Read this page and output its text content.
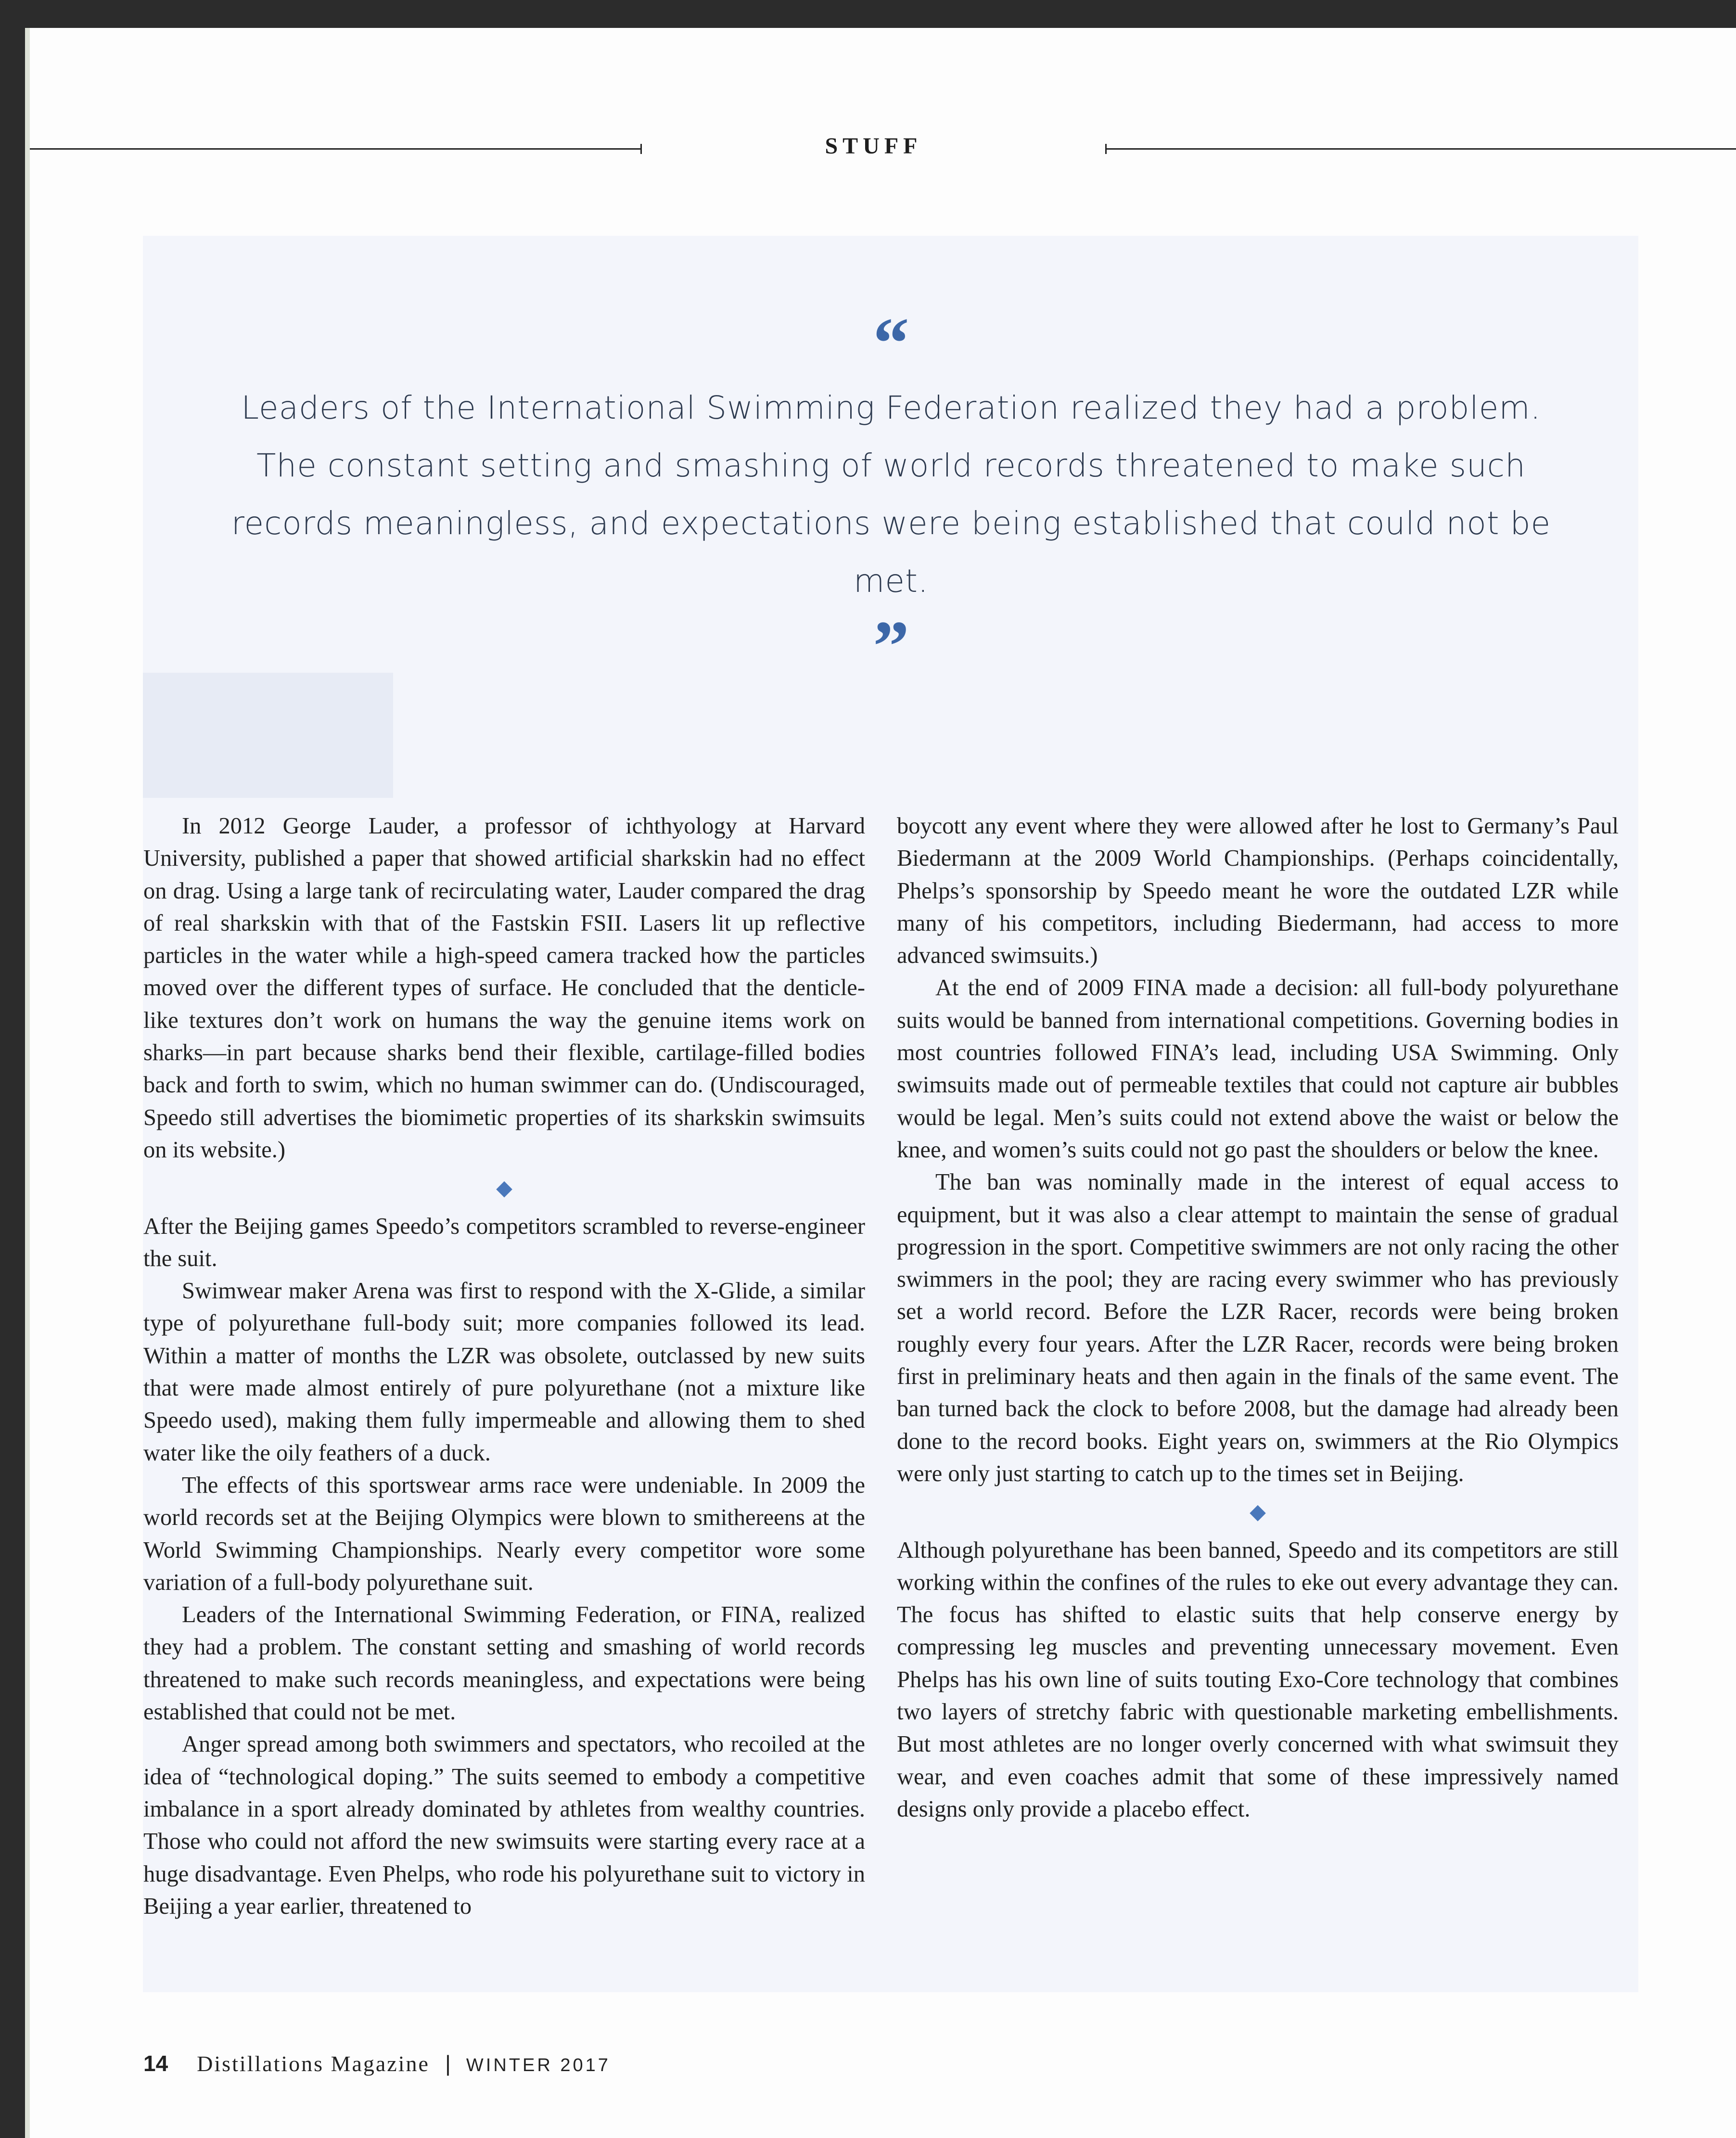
STUFF
“
Leaders of the International Swimming Federation realized they had a problem. The constant setting and smashing of world records threatened to make such records meaningless, and expectations were being established that could not be met.
”

In 2012 George Lauder, a professor of ichthyology at Harvard University, published a paper that showed artificial sharkskin had no effect on drag. Using a large tank of recirculating water, Lauder compared the drag of real sharkskin with that of the Fastskin FSII. Lasers lit up reflective particles in the water while a high-speed camera tracked how the particles moved over the different types of surface. He concluded that the denticle-like textures don’t work on humans the way the genuine items work on sharks—in part because sharks bend their flexible, cartilage-filled bodies back and forth to swim, which no human swimmer can do. (Undiscouraged, Speedo still advertises the biomimetic properties of its sharkskin swimsuits on its website.)

◆

After the Beijing games Speedo’s competitors scrambled to reverse-engineer the suit.

Swimwear maker Arena was first to respond with the X-Glide, a similar type of polyurethane full-body suit; more companies followed its lead. Within a matter of months the LZR was obsolete, outclassed by new suits that were made almost entirely of pure polyurethane (not a mixture like Speedo used), making them fully impermeable and allowing them to shed water like the oily feathers of a duck.

The effects of this sportswear arms race were undeniable. In 2009 the world records set at the Beijing Olympics were blown to smithereens at the World Swimming Championships. Nearly every competitor wore some variation of a full-body polyurethane suit.

Leaders of the International Swimming Federation, or FINA, realized they had a problem. The constant setting and smashing of world records threatened to make such records meaningless, and expectations were being established that could not be met.

Anger spread among both swimmers and spectators, who recoiled at the idea of “technological doping.” The suits seemed to embody a competitive imbalance in a sport already dominated by athletes from wealthy countries. Those who could not afford the new swimsuits were starting every race at a huge disadvantage. Even Phelps, who rode his polyurethane suit to victory in Beijing a year earlier, threatened to

boycott any event where they were allowed after he lost to Germany’s Paul Biedermann at the 2009 World Championships. (Perhaps coincidentally, Phelps’s sponsorship by Speedo meant he wore the outdated LZR while many of his competitors, including Biedermann, had access to more advanced swimsuits.)

At the end of 2009 FINA made a decision: all full-body polyurethane suits would be banned from international competitions. Governing bodies in most countries followed FINA’s lead, including USA Swimming. Only swimsuits made out of permeable textiles that could not capture air bubbles would be legal. Men’s suits could not extend above the waist or below the knee, and women’s suits could not go past the shoulders or below the knee.

The ban was nominally made in the interest of equal access to equipment, but it was also a clear attempt to maintain the sense of gradual progression in the sport. Competitive swimmers are not only racing the other swimmers in the pool; they are racing every swimmer who has previously set a world record. Before the LZR Racer, records were being broken roughly every four years. After the LZR Racer, records were being broken first in preliminary heats and then again in the finals of the same event. The ban turned back the clock to before 2008, but the damage had already been done to the record books. Eight years on, swimmers at the Rio Olympics were only just starting to catch up to the times set in Beijing.

◆

Although polyurethane has been banned, Speedo and its competitors are still working within the confines of the rules to eke out every advantage they can. The focus has shifted to elastic suits that help conserve energy by compressing leg muscles and preventing unnecessary movement. Even Phelps has his own line of suits touting Exo-Core technology that combines two layers of stretchy fabric with questionable marketing embellishments. But most athletes are no longer overly concerned with what swimsuit they wear, and even coaches admit that some of these impressively named designs only provide a placebo effect.

14 Distillations Magazine | WINTER 2017
